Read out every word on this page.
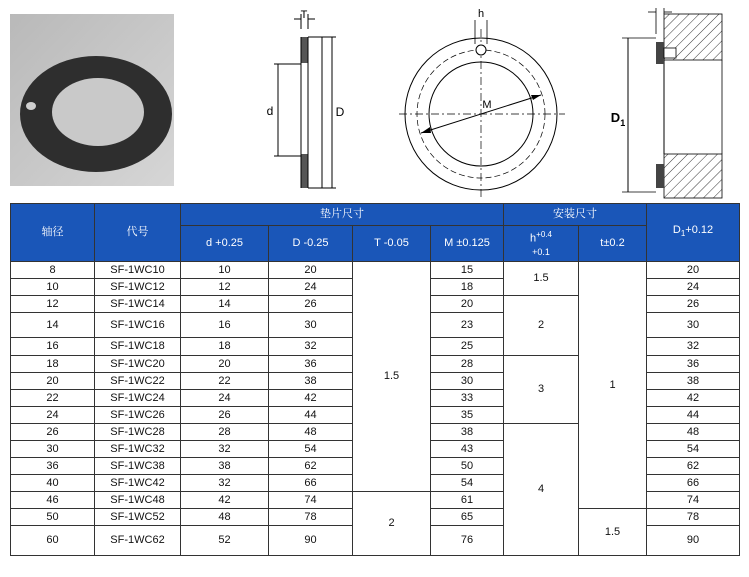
T
d	D
h
M
$D_1$
轴径	代号	垫片尺寸				安装尺寸		$D_1+0.12$
		d +0.25	D -0.25	T -0.05	M ±0.125	$h^{+0.4}$
+0.1	t±0.2	
8	SF-1WC10	10	20	1.5	15	1.5	1	20
10	SF-1WC12	12	24		18			24
12	SF-1WC14	14	26		20	2		26
14	SF-1WC16	16	30		23			30
16	SF-1WC18	18	32		25			32
18	SF-1WC20	20	36		28	3		36
20	SF-1WC22	22	38		30			38
22	SF-1WC24	24	42		33			42
24	SF-1WC26	26	44		35			44
26	SF-1WC28	28	48		38	4		48
30	SF-1WC32	32	54		43			54
36	SF-1WC38	38	62		50			62
40	SF-1WC42	32	66		54			66
46	SF-1WC48	42	74	2	61			74
50	SF-1WC52	48	78		65		1.5	78
60	SF-1WC62	52	90		76			90
